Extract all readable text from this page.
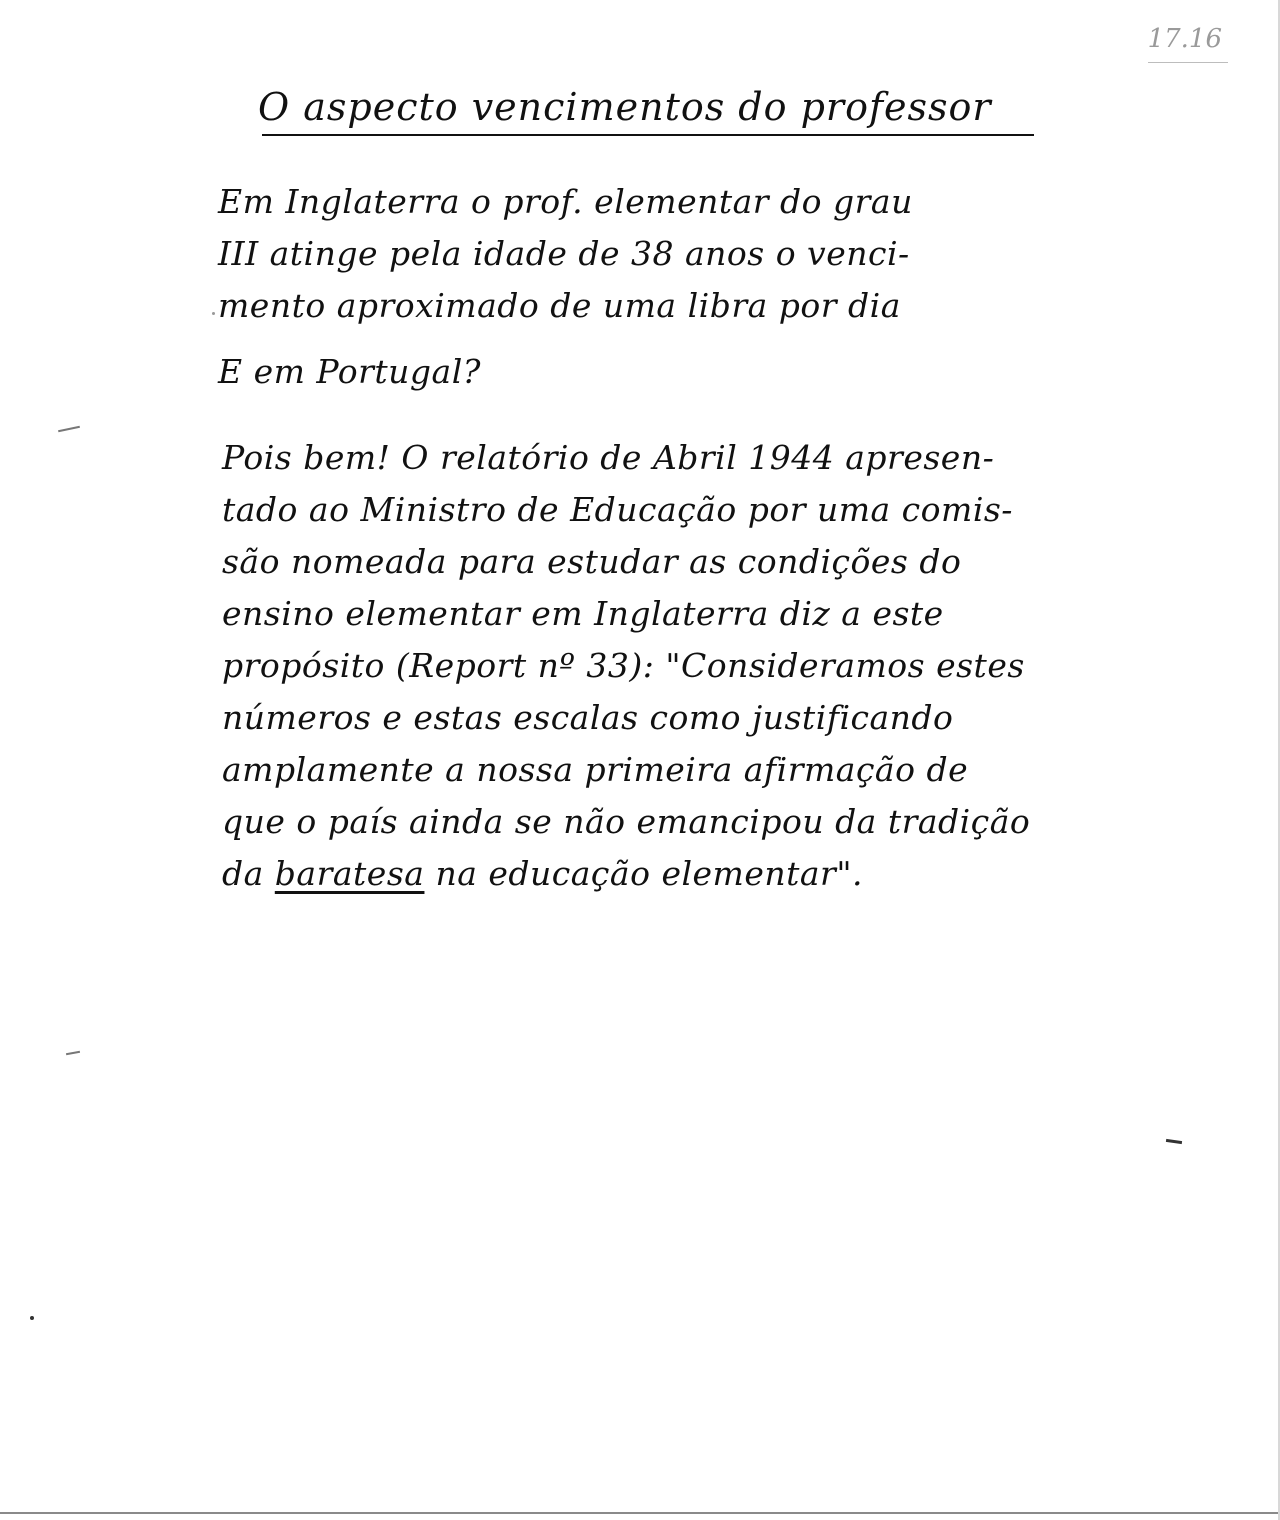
17.16
O aspecto vencimentos do professor
Em Inglaterra o prof. elementar do grau
III atinge pela idade de 38 anos o venci-
mento aproximado de uma libra por dia
E em Portugal?
Pois bem! O relatório de Abril 1944 apresen-
tado ao Ministro de Educação por uma comis-
são nomeada para estudar as condições do
ensino elementar em Inglaterra diz a este
propósito (Report nº 33): "Consideramos estes
números e estas escalas como justificando
amplamente a nossa primeira afirmação de
que o país ainda se não emancipou da tradição
da baratesa na educação elementar".
